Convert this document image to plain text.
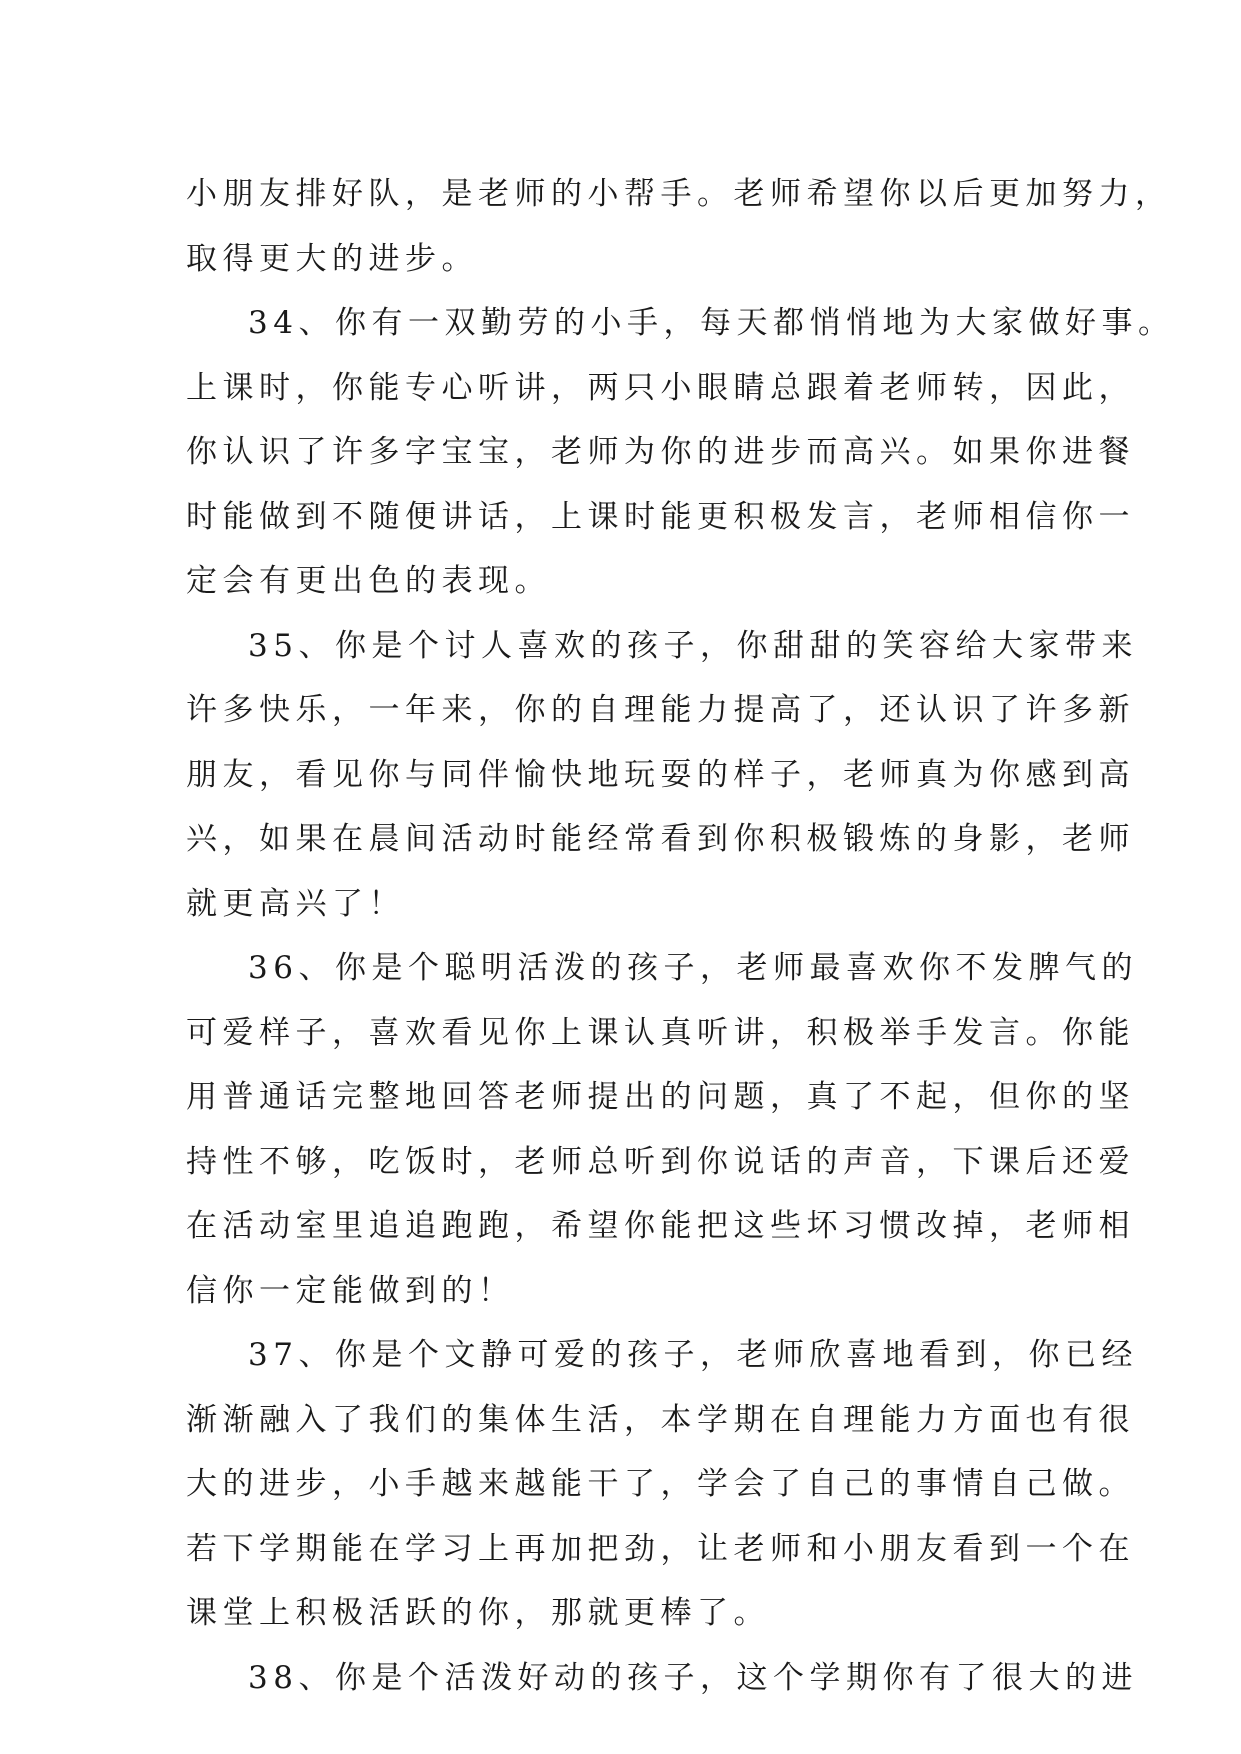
小朋友排好队，是老师的小帮手。老师希望你以后更加努力，
取得更大的进步。
34、你有一双勤劳的小手，每天都悄悄地为大家做好事。
上课时，你能专心听讲，两只小眼睛总跟着老师转，因此，
你认识了许多字宝宝，老师为你的进步而高兴。如果你进餐
时能做到不随便讲话，上课时能更积极发言，老师相信你一
定会有更出色的表现。
35、你是个讨人喜欢的孩子，你甜甜的笑容给大家带来
许多快乐，一年来，你的自理能力提高了，还认识了许多新
朋友，看见你与同伴愉快地玩耍的样子，老师真为你感到高
兴，如果在晨间活动时能经常看到你积极锻炼的身影，老师
就更高兴了！
36、你是个聪明活泼的孩子，老师最喜欢你不发脾气的
可爱样子，喜欢看见你上课认真听讲，积极举手发言。你能
用普通话完整地回答老师提出的问题，真了不起，但你的坚
持性不够，吃饭时，老师总听到你说话的声音，下课后还爱
在活动室里追追跑跑，希望你能把这些坏习惯改掉，老师相
信你一定能做到的！
37、你是个文静可爱的孩子，老师欣喜地看到，你已经
渐渐融入了我们的集体生活，本学期在自理能力方面也有很
大的进步，小手越来越能干了，学会了自己的事情自己做。
若下学期能在学习上再加把劲，让老师和小朋友看到一个在
课堂上积极活跃的你，那就更棒了。
38、你是个活泼好动的孩子，这个学期你有了很大的进
